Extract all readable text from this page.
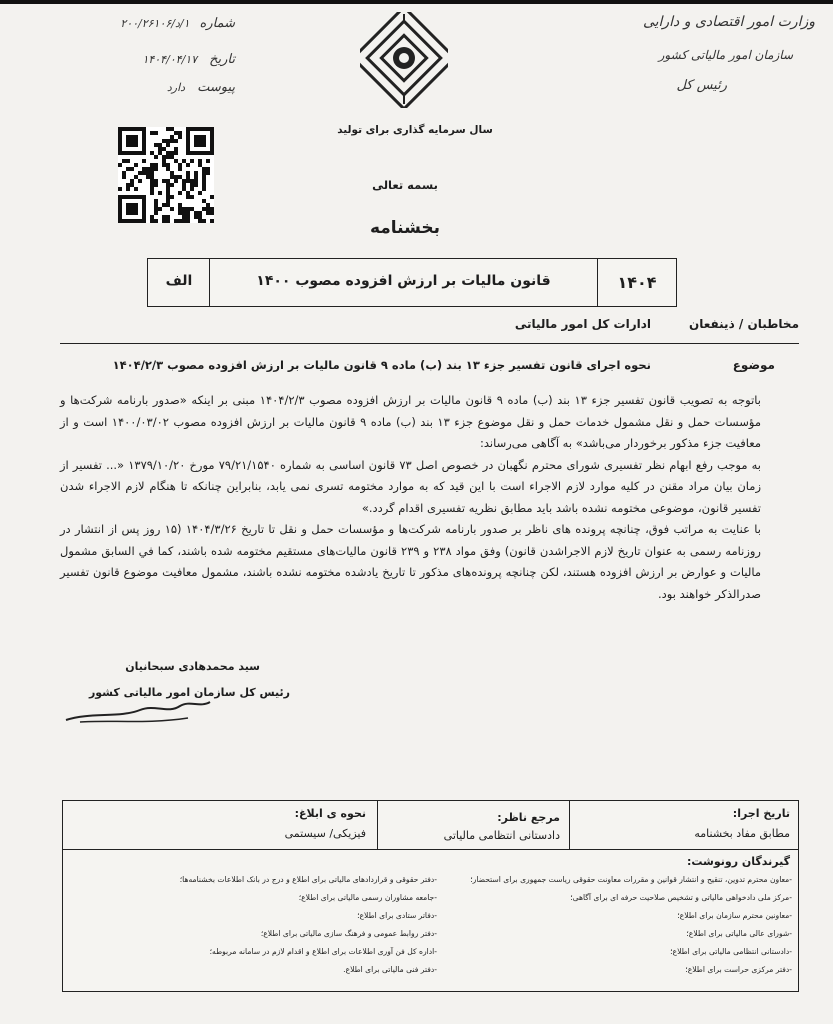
وزارت امور اقتصادی و دارایی
سازمان امور مالیاتی کشور
رئیس کل
شماره
۱/د/۲۰۰/۲۶۱۰۶
تاریخ
۱۴۰۴/۰۴/۱۷
پیوست
دارد
سال سرمایه گذاری برای تولید
بسمه تعالی
بخشنامه
۱۴۰۴
قانون مالیات بر ارزش افزوده مصوب ۱۴۰۰
الف
مخاطبان / ذینفعان
ادارات کل امور مالیاتی
موضوع
نحوه اجرای قانون تفسیر جزء ۱۳ بند (ب) ماده ۹ قانون مالیات بر ارزش افزوده مصوب ۱۴۰۴/۲/۳

باتوجه به تصویب قانون تفسیر جزء ۱۳ بند (ب) ماده ۹ قانون مالیات بر ارزش افزوده مصوب ۱۴۰۴/۲/۳ مبنی بر اینکه «صدور بارنامه شرکت‌ها و مؤسسات حمل و نقل مشمول خدمات حمل و نقل موضوع جزء ۱۳ بند (ب) ماده ۹ قانون مالیات بر ارزش افزوده مصوب ۱۴۰۰/۰۳/۰۲ است و از معافیت جزء مذکور برخوردار می‌باشد» به آگاهی می‌رساند:

به موجب رفع ابهام نظر تفسیری شورای محترم نگهبان در خصوص اصل ۷۳ قانون اساسی به شماره ۷۹/۲۱/۱۵۴۰ مورخ ۱۳۷۹/۱۰/۲۰ «... تفسیر از زمان بیان مراد مقنن در کلیه موارد لازم الاجراء است با این قید که به موارد مختومه تسری نمی یابد، بنابراین چنانکه تا هنگام لازم الاجراء شدن تفسیر قانون، موضوعی مختومه نشده باشد باید مطابق نظریه تفسیری اقدام گردد.»

با عنایت به مراتب فوق، چنانچه پرونده های ناظر بر صدور بارنامه شرکت‌ها و مؤسسات حمل و نقل تا تاریخ ۱۴۰۴/۳/۲۶ (۱۵ روز پس از انتشار در روزنامه رسمی به عنوان تاریخ لازم الاجراشدن قانون) وفق مواد ۲۳۸ و ۲۳۹ قانون مالیات‌های مستقیم مختومه شده باشند، کما في السابق مشمول مالیات و عوارض بر ارزش افزوده هستند، لکن چنانچه پرونده‌های مذکور تا تاریخ یادشده مختومه نشده باشند، مشمول معافیت موضوع قانون تفسیر صدرالذکر خواهند بود.

سید محمدهادی سبحانیان
رئیس کل سازمان امور مالیاتی کشور
تاریخ اجرا:
مطابق مفاد بخشنامه
مرجع ناظر:
دادستانی انتظامی مالیاتی
نحوه ی ابلاغ:
فیزیکی/ سیستمی
گیرندگان رونوشت:
-معاون محترم تدوین، تنقیح و انتشار قوانین و مقررات معاونت حقوقی ریاست جمهوری برای استحضار؛
-مرکز ملی دادخواهی مالیاتی و تشخیص صلاحیت حرفه ای برای آگاهی؛
-معاونین محترم سازمان برای اطلاع؛
-شورای عالی مالیاتی برای اطلاع؛
-دادستانی انتظامی مالیاتی برای اطلاع؛
-دفتر مرکزی حراست برای اطلاع؛
-دفتر حقوقی و قراردادهای مالیاتی برای اطلاع و درج در بانک اطلاعات بخشنامه‌ها؛
-جامعه مشاوران رسمی مالیاتی برای اطلاع؛
-دفاتر ستادی برای اطلاع؛
-دفتر روابط عمومی و فرهنگ سازی مالیاتی برای اطلاع؛
-اداره کل فن آوری اطلاعات برای اطلاع و اقدام لازم در سامانه مربوطه؛
-دفتر فنی مالیاتی برای اطلاع.
